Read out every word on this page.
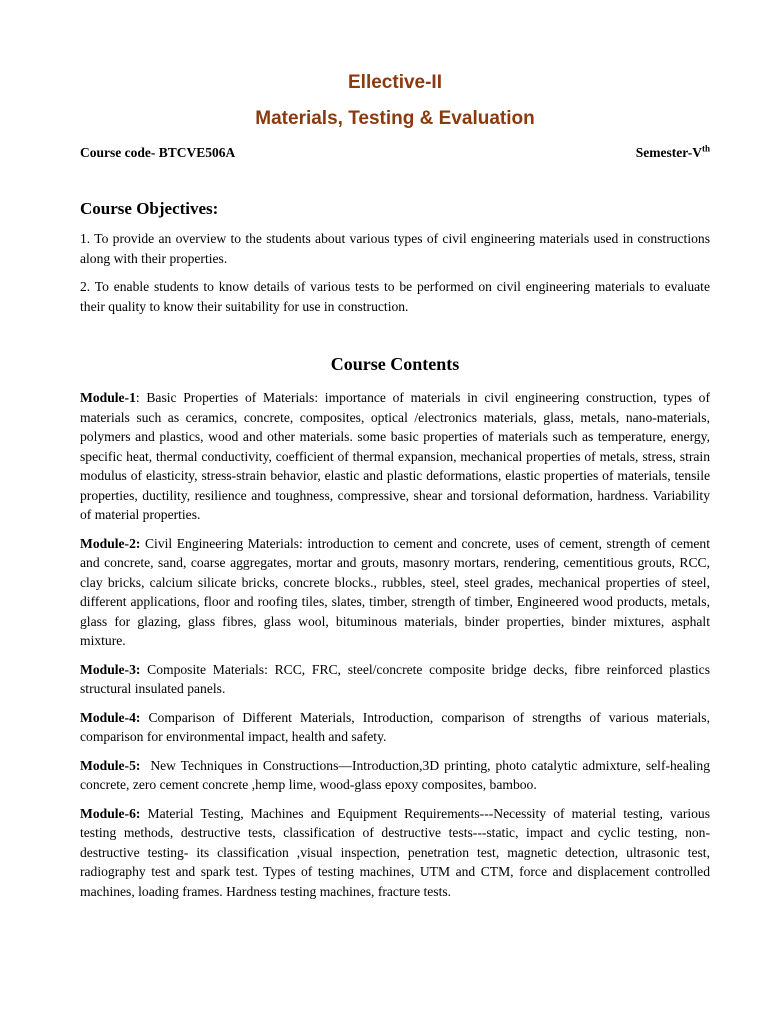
Ellective-II
Materials, Testing & Evaluation
Course code- BTCVE506A	Semester-Vth
Course Objectives:

1. To provide an overview to the students about various types of civil engineering materials used in constructions along with their properties.

2. To enable students to know details of various tests to be performed on civil engineering materials to evaluate their quality to know their suitability for use in construction.

Course Contents

Module-1: Basic Properties of Materials: importance of materials in civil engineering construction, types of materials such as ceramics, concrete, composites, optical /electronics materials, glass, metals, nano-materials, polymers and plastics, wood and other materials. some basic properties of materials such as temperature, energy, specific heat, thermal conductivity, coefficient of thermal expansion, mechanical properties of metals, stress, strain modulus of elasticity, stress-strain behavior, elastic and plastic deformations, elastic properties of materials, tensile properties, ductility, resilience and toughness, compressive, shear and torsional deformation, hardness. Variability of material properties.

Module-2: Civil Engineering Materials: introduction to cement and concrete, uses of cement, strength of cement and concrete, sand, coarse aggregates, mortar and grouts, masonry mortars, rendering, cementitious grouts, RCC, clay bricks, calcium silicate bricks, concrete blocks., rubbles, steel, steel grades, mechanical properties of steel, different applications, floor and roofing tiles, slates, timber, strength of timber, Engineered wood products, metals, glass for glazing, glass fibres, glass wool, bituminous materials, binder properties, binder mixtures, asphalt mixture.

Module-3: Composite Materials: RCC, FRC, steel/concrete composite bridge decks, fibre reinforced plastics structural insulated panels.

Module-4: Comparison of Different Materials, Introduction, comparison of strengths of various materials, comparison for environmental impact, health and safety.

Module-5: New Techniques in Constructions—Introduction,3D printing, photo catalytic admixture, self-healing concrete, zero cement concrete ,hemp lime, wood-glass epoxy composites, bamboo.

Module-6: Material Testing, Machines and Equipment Requirements---Necessity of material testing, various testing methods, destructive tests, classification of destructive tests---static, impact and cyclic testing, non-destructive testing- its classification ,visual inspection, penetration test, magnetic detection, ultrasonic test, radiography test and spark test. Types of testing machines, UTM and CTM, force and displacement controlled machines, loading frames. Hardness testing machines, fracture tests.
